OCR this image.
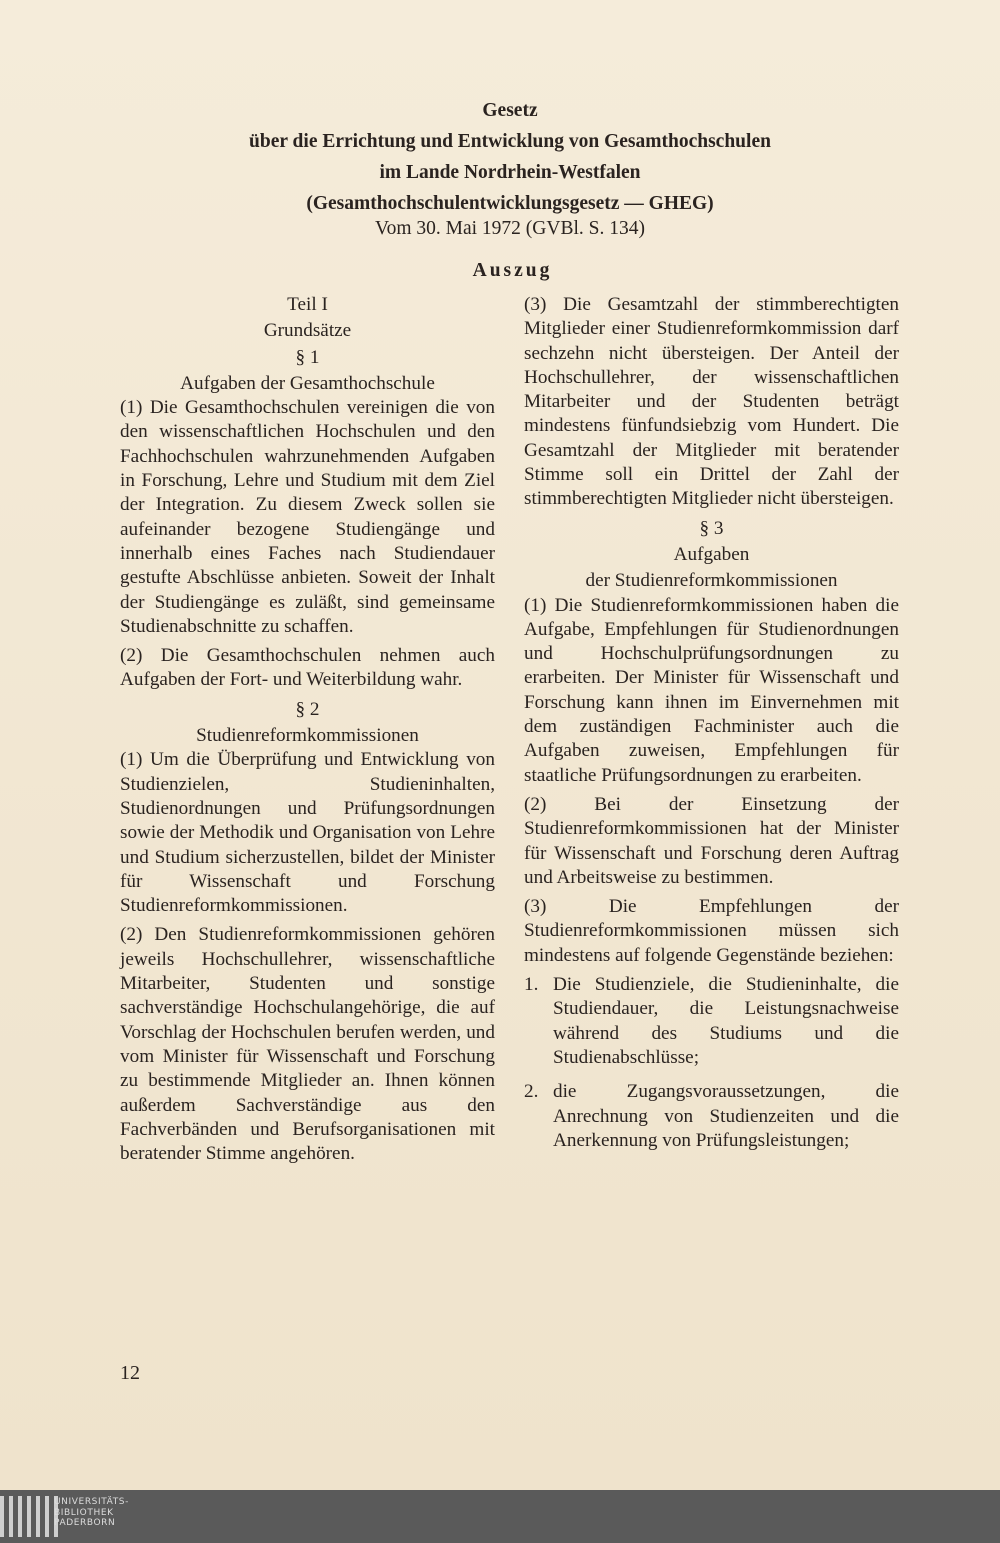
Gesetz
über die Errichtung und Entwicklung von Gesamthochschulen
im Lande Nordrhein-Westfalen
(Gesamthochschulentwicklungsgesetz — GHEG)
Vom 30. Mai 1972 (GVBl. S. 134)
Auszug
Teil I
Grundsätze
§ 1
Aufgaben der Gesamthochschule

(1) Die Gesamthochschulen vereinigen die von den wissenschaftlichen Hochschulen und den Fachhochschulen wahrzunehmenden Aufgaben in Forschung, Lehre und Studium mit dem Ziel der Integration. Zu diesem Zweck sollen sie aufeinander bezogene Studiengänge und innerhalb eines Faches nach Studiendauer gestufte Abschlüsse anbieten. Soweit der Inhalt der Studiengänge es zuläßt, sind gemeinsame Studienabschnitte zu schaffen.

(2) Die Gesamthochschulen nehmen auch Aufgaben der Fort- und Weiterbildung wahr.

§ 2
Studienreformkommissionen

(1) Um die Überprüfung und Entwicklung von Studienzielen, Studieninhalten, Studienordnungen und Prüfungsordnungen sowie der Methodik und Organisation von Lehre und Studium sicherzustellen, bildet der Minister für Wissenschaft und Forschung Studienreformkommissionen.

(2) Den Studienreformkommissionen gehören jeweils Hochschullehrer, wissenschaftliche Mitarbeiter, Studenten und sonstige sachverständige Hochschulangehörige, die auf Vorschlag der Hochschulen berufen werden, und vom Minister für Wissenschaft und Forschung zu bestimmende Mitglieder an. Ihnen können außerdem Sachverständige aus den Fachverbänden und Berufsorganisationen mit beratender Stimme angehören.

(3) Die Gesamtzahl der stimmberechtigten Mitglieder einer Studienreformkommission darf sechzehn nicht übersteigen. Der Anteil der Hochschullehrer, der wissenschaftlichen Mitarbeiter und der Studenten beträgt mindestens fünfundsiebzig vom Hundert. Die Gesamtzahl der Mitglieder mit beratender Stimme soll ein Drittel der Zahl der stimmberechtigten Mitglieder nicht übersteigen.

§ 3
Aufgaben
der Studienreformkommissionen

(1) Die Studienreformkommissionen haben die Aufgabe, Empfehlungen für Studienordnungen und Hochschulprüfungsordnungen zu erarbeiten. Der Minister für Wissenschaft und Forschung kann ihnen im Einvernehmen mit dem zuständigen Fachminister auch die Aufgaben zuweisen, Empfehlungen für staatliche Prüfungsordnungen zu erarbeiten.

(2) Bei der Einsetzung der Studienreformkommissionen hat der Minister für Wissenschaft und Forschung deren Auftrag und Arbeitsweise zu bestimmen.

(3) Die Empfehlungen der Studienreformkommissionen müssen sich mindestens auf folgende Gegenstände beziehen:

1. Die Studienziele, die Studieninhalte, die Studiendauer, die Leistungsnachweise während des Studiums und die Studienabschlüsse;
2. die Zugangsvoraussetzungen, die Anrechnung von Studienzeiten und die Anerkennung von Prüfungsleistungen;
12
UNIVERSITÄTS-
BIBLIOTHEK
PADERBORN
